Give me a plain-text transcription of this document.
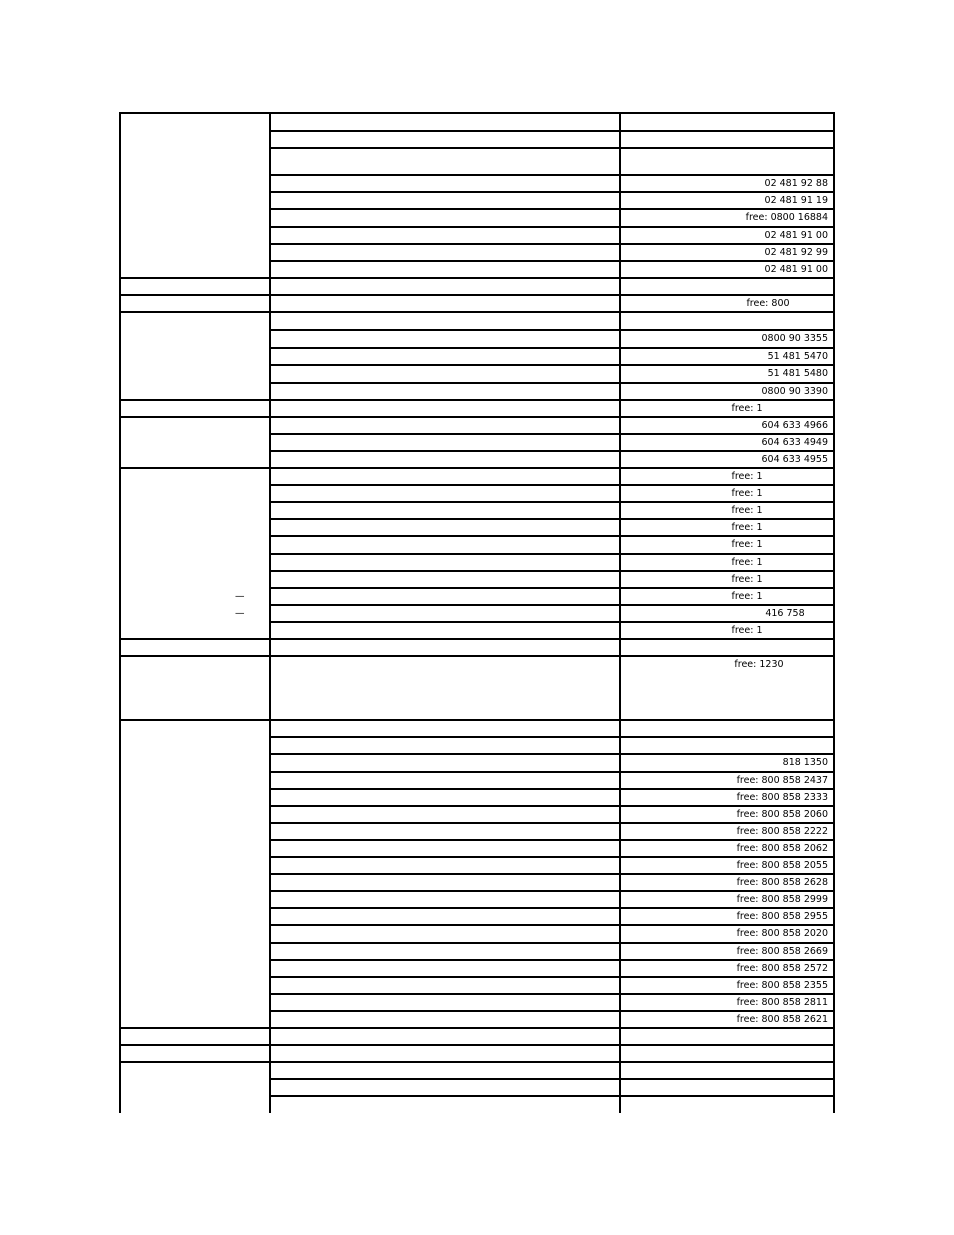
02 481 92 88
02 481 91 19
free: 0800 16884
02 481 91 00
02 481 92 99
02 481 91 00
free: 800
0800 90 3355
51 481 5470
51 481 5480
0800 90 3390
free: 1
604 633 4966
604 633 4949
604 633 4955
free: 1
free: 1
free: 1
free: 1
free: 1
free: 1
free: 1
—	free: 1
—	416 758
free: 1
free: 1230
818 1350
free: 800 858 2437
free: 800 858 2333
free: 800 858 2060
free: 800 858 2222
free: 800 858 2062
free: 800 858 2055
free: 800 858 2628
free: 800 858 2999
free: 800 858 2955
free: 800 858 2020
free: 800 858 2669
free: 800 858 2572
free: 800 858 2355
free: 800 858 2811
free: 800 858 2621
